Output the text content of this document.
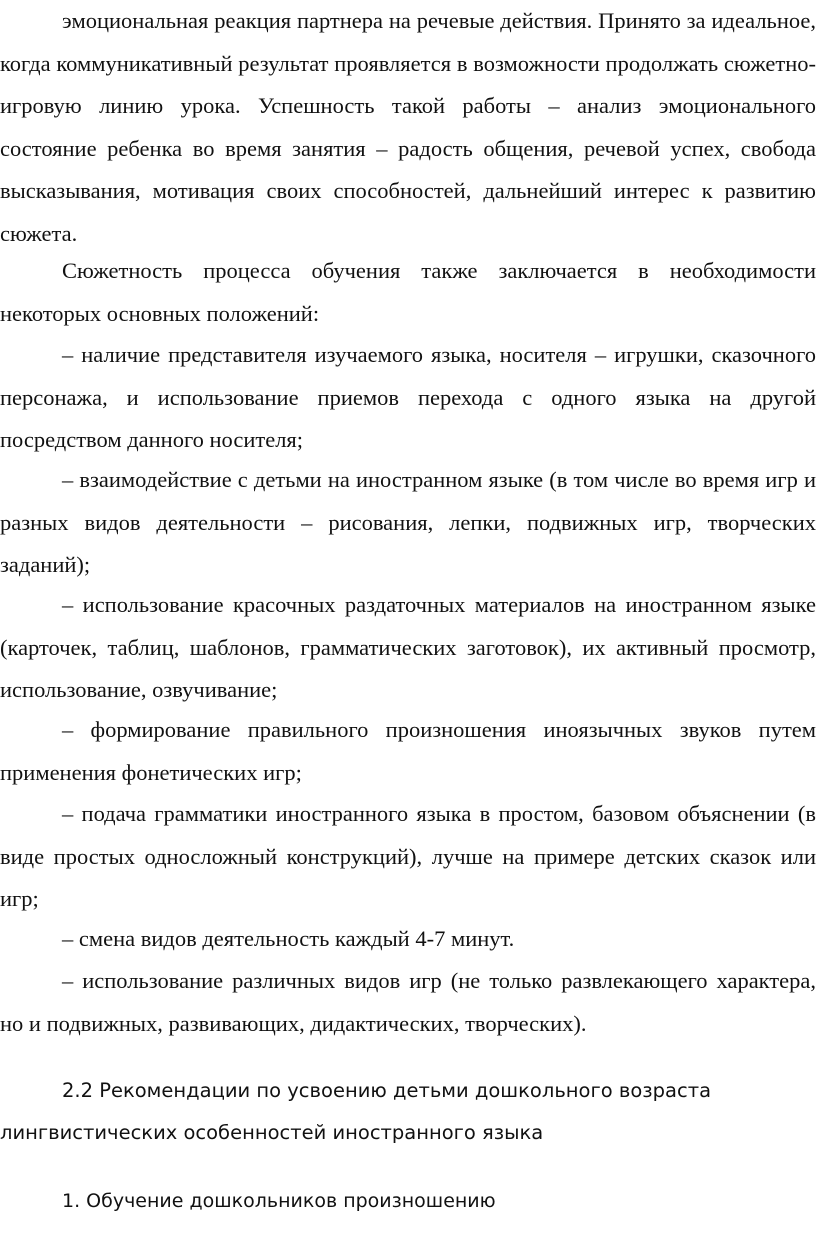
эмоциональная реакция партнера на речевые действия. Принято за идеальное, когда коммуникативный результат проявляется в возможности продолжать сюжетно-игровую линию урока. Успешность такой работы – анализ эмоционального состояние ребенка во время занятия – радость общения, речевой успех, свобода высказывания, мотивация своих способностей, дальнейший интерес к развитию сюжета.

Сюжетность процесса обучения также заключается в необходимости некоторых основных положений:

– наличие представителя изучаемого языка, носителя – игрушки, сказочного персонажа, и использование приемов перехода с одного языка на другой посредством данного носителя;

– взаимодействие с детьми на иностранном языке (в том числе во время игр и разных видов деятельности – рисования, лепки, подвижных игр, творческих заданий);

– использование красочных раздаточных материалов на иностранном языке (карточек, таблиц, шаблонов, грамматических заготовок), их активный просмотр, использование, озвучивание;

– формирование правильного произношения иноязычных звуков путем применения фонетических игр;

– подача грамматики иностранного языка в простом, базовом объяснении (в виде простых односложный конструкций), лучше на примере детских сказок или игр;

– смена видов деятельность каждый 4-7 минут.

– использование различных видов игр (не только развлекающего характера, но и подвижных, развивающих, дидактических, творческих).

2.2 Рекомендации по усвоению детьми дошкольного возраста лингвистических особенностей иностранного языка

1. Обучение дошкольников произношению
